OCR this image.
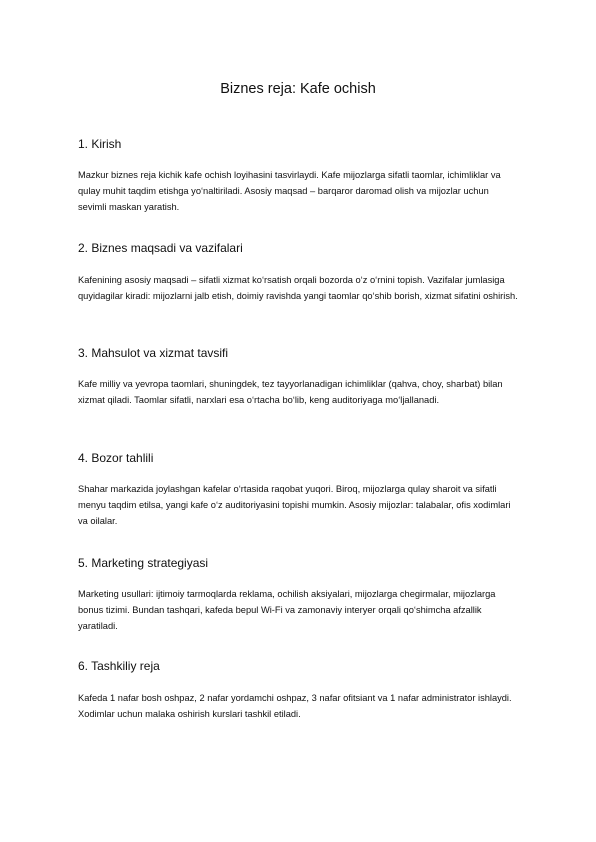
Biznes reja: Kafe ochish
1. Kirish

Mazkur biznes reja kichik kafe ochish loyihasini tasvirlaydi. Kafe mijozlarga sifatli taomlar, ichimliklar va qulay muhit taqdim etishga yo‘naltiriladi. Asosiy maqsad – barqaror daromad olish va mijozlar uchun sevimli maskan yaratish.

2. Biznes maqsadi va vazifalari

Kafenining asosiy maqsadi – sifatli xizmat ko‘rsatish orqali bozorda o‘z o‘rnini topish. Vazifalar jumlasiga quyidagilar kiradi: mijozlarni jalb etish, doimiy ravishda yangi taomlar qo‘shib borish, xizmat sifatini oshirish.

3. Mahsulot va xizmat tavsifi

Kafe milliy va yevropa taomlari, shuningdek, tez tayyorlanadigan ichimliklar (qahva, choy, sharbat) bilan xizmat qiladi. Taomlar sifatli, narxlari esa o‘rtacha bo‘lib, keng auditoriyaga mo‘ljallanadi.

4. Bozor tahlili

Shahar markazida joylashgan kafelar o‘rtasida raqobat yuqori. Biroq, mijozlarga qulay sharoit va sifatli menyu taqdim etilsa, yangi kafe o‘z auditoriyasini topishi mumkin. Asosiy mijozlar: talabalar, ofis xodimlari va oilalar.

5. Marketing strategiyasi

Marketing usullari: ijtimoiy tarmoqlarda reklama, ochilish aksiyalari, mijozlarga chegirmalar, mijozlarga bonus tizimi. Bundan tashqari, kafeda bepul Wi-Fi va zamonaviy interyer orqali qo‘shimcha afzallik yaratiladi.

6. Tashkiliy reja

Kafeda 1 nafar bosh oshpaz, 2 nafar yordamchi oshpaz, 3 nafar ofitsiant va 1 nafar administrator ishlaydi. Xodimlar uchun malaka oshirish kurslari tashkil etiladi.
